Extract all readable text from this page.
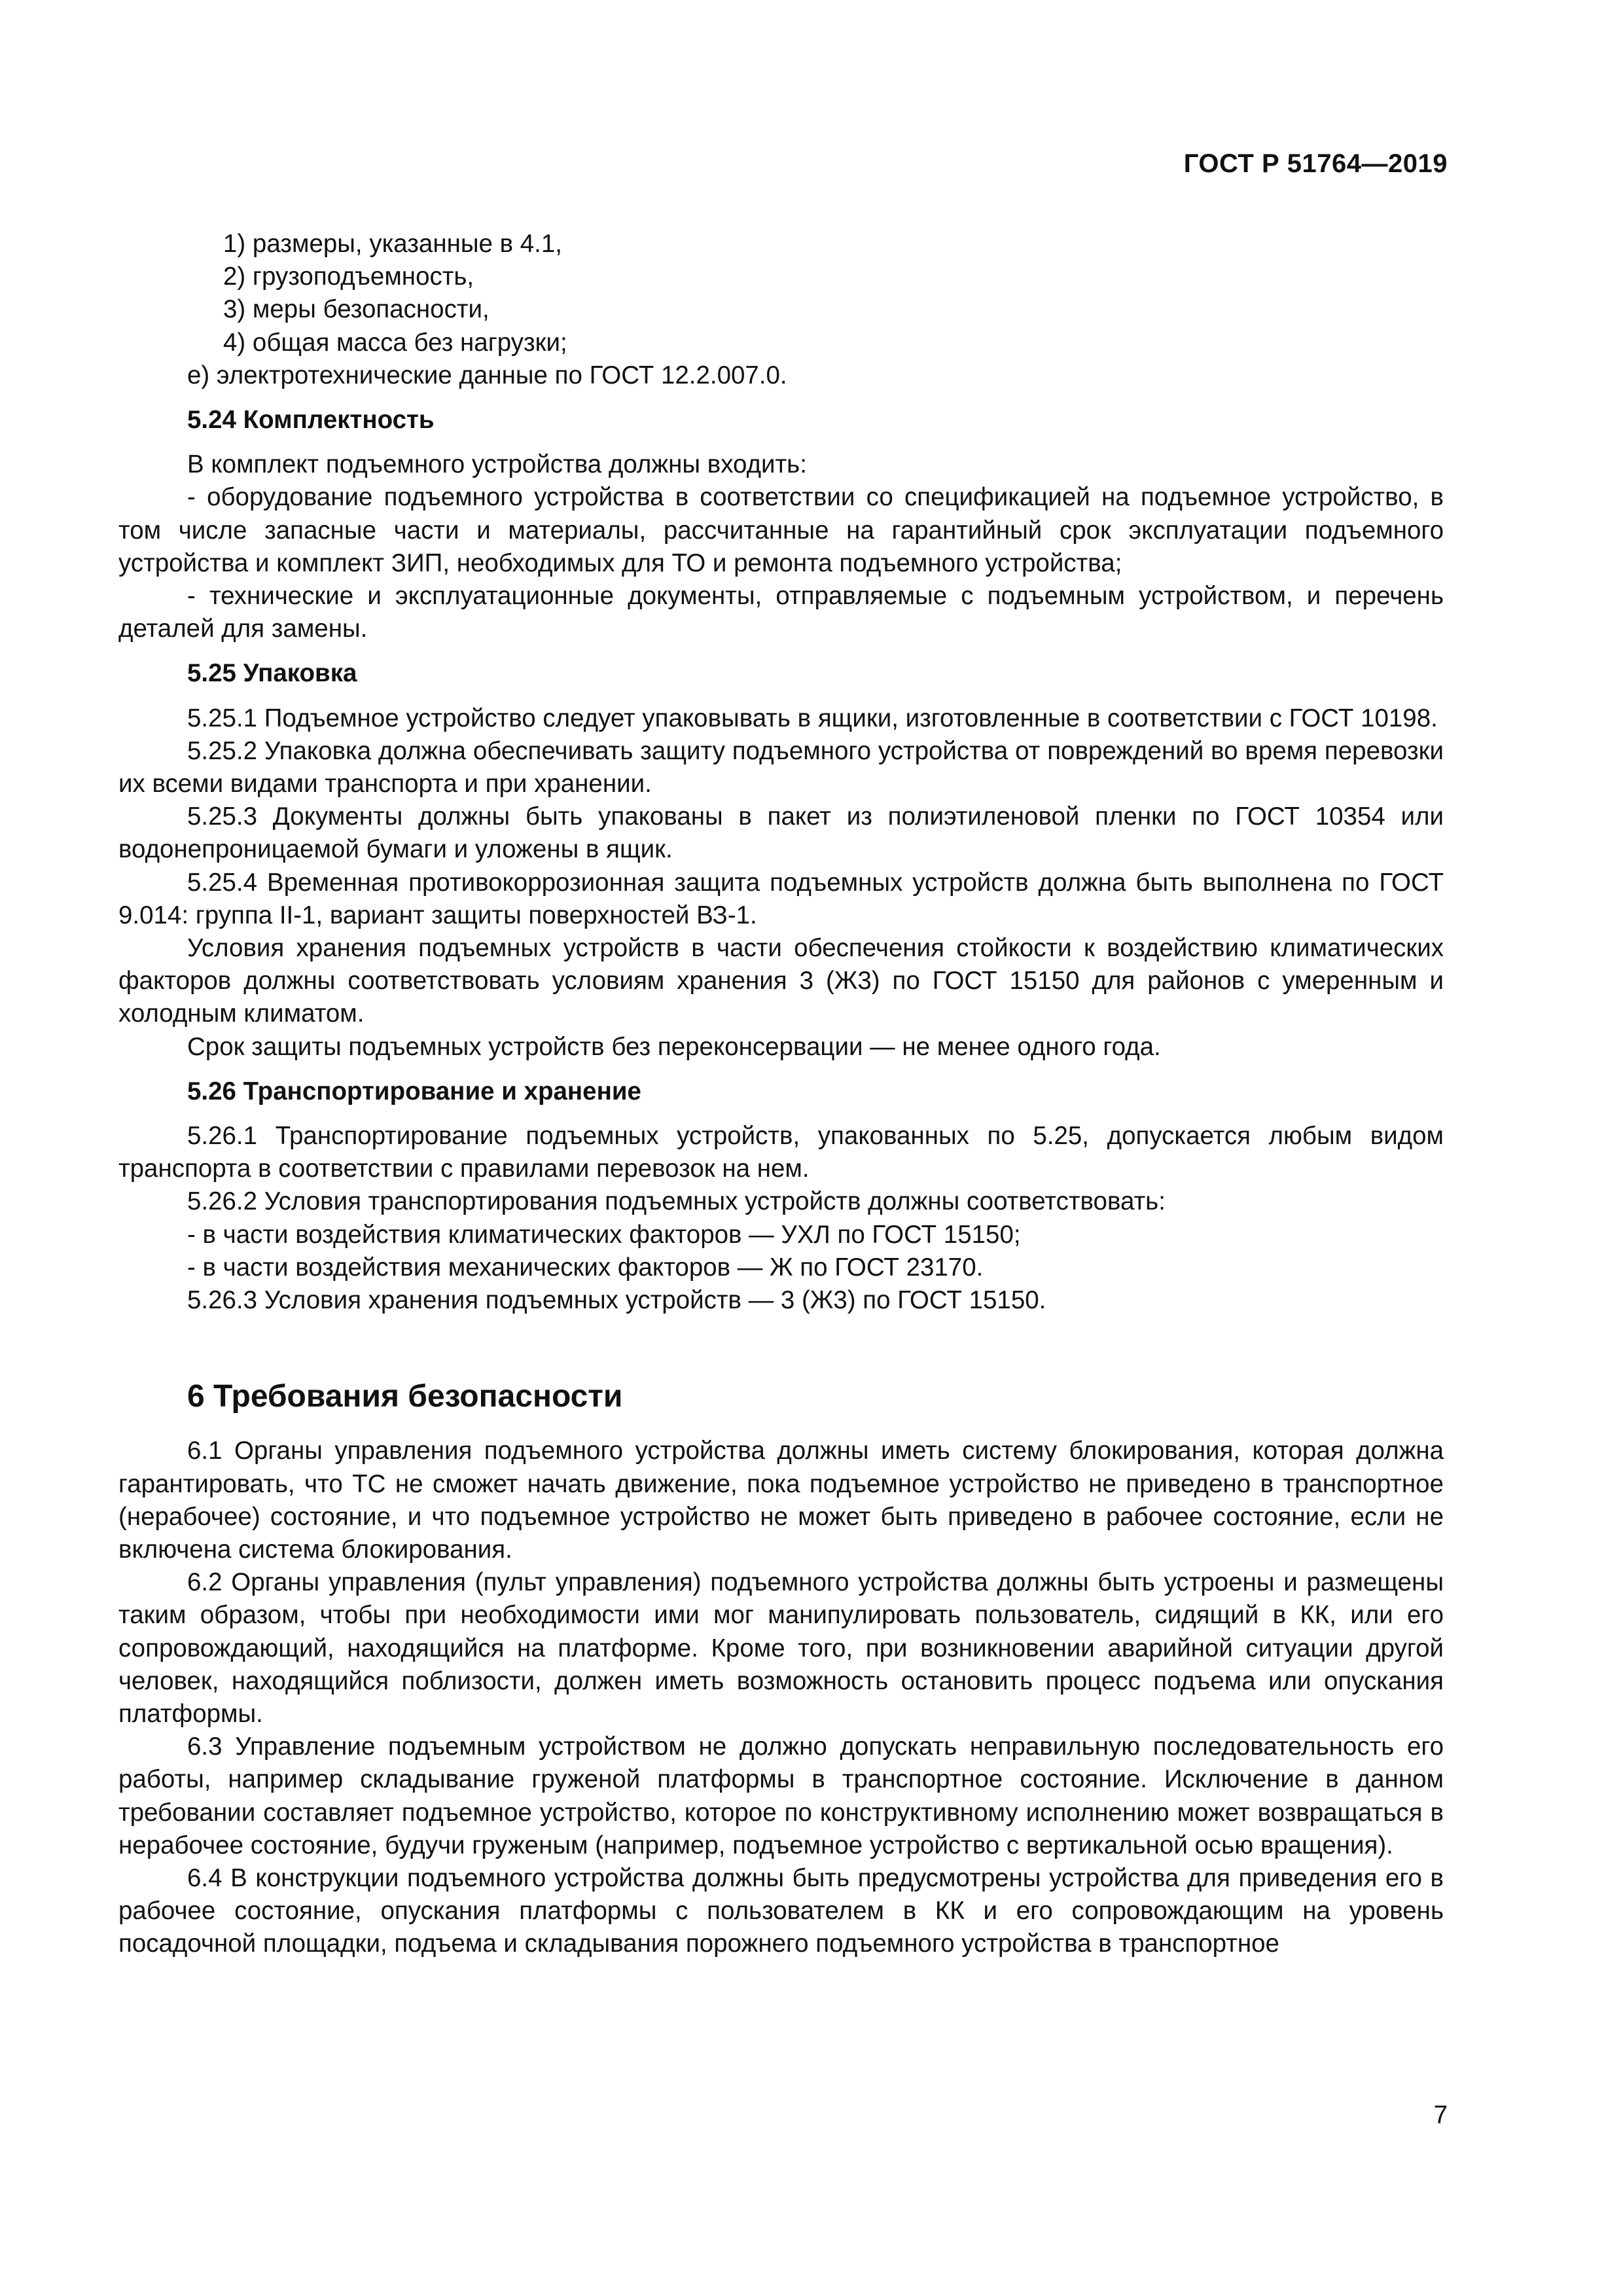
ГОСТ Р 51764—2019

1) размеры, указанные в 4.1,

2) грузоподъемность,

3) меры безопасности,

4) общая масса без нагрузки;

е) электротехнические данные по ГОСТ 12.2.007.0.

5.24 Комплектность

В комплект подъемного устройства должны входить:

- оборудование подъемного устройства в соответствии со спецификацией на подъемное устройство, в том числе запасные части и материалы, рассчитанные на гарантийный срок эксплуатации подъемного устройства и комплект ЗИП, необходимых для ТО и ремонта подъемного устройства;

- технические и эксплуатационные документы, отправляемые с подъемным устройством, и перечень деталей для замены.

5.25 Упаковка

5.25.1 Подъемное устройство следует упаковывать в ящики, изготовленные в соответствии с ГОСТ 10198.

5.25.2 Упаковка должна обеспечивать защиту подъемного устройства от повреждений во время перевозки их всеми видами транспорта и при хранении.

5.25.3 Документы должны быть упакованы в пакет из полиэтиленовой пленки по ГОСТ 10354 или водонепроницаемой бумаги и уложены в ящик.

5.25.4 Временная противокоррозионная защита подъемных устройств должна быть выполнена по ГОСТ 9.014: группа II-1, вариант защиты поверхностей ВЗ-1.

Условия хранения подъемных устройств в части обеспечения стойкости к воздействию климатических факторов должны соответствовать условиям хранения 3 (Ж3) по ГОСТ 15150 для районов с умеренным и холодным климатом.

Срок защиты подъемных устройств без переконсервации — не менее одного года.

5.26 Транспортирование и хранение

5.26.1 Транспортирование подъемных устройств, упакованных по 5.25, допускается любым видом транспорта в соответствии с правилами перевозок на нем.

5.26.2 Условия транспортирования подъемных устройств должны соответствовать:

- в части воздействия климатических факторов — УХЛ по ГОСТ 15150;

- в части воздействия механических факторов — Ж по ГОСТ 23170.

5.26.3 Условия хранения подъемных устройств — 3 (Ж3) по ГОСТ 15150.

6 Требования безопасности

6.1 Органы управления подъемного устройства должны иметь систему блокирования, которая должна гарантировать, что ТС не сможет начать движение, пока подъемное устройство не приведено в транспортное (нерабочее) состояние, и что подъемное устройство не может быть приведено в рабочее состояние, если не включена система блокирования.

6.2 Органы управления (пульт управления) подъемного устройства должны быть устроены и размещены таким образом, чтобы при необходимости ими мог манипулировать пользователь, сидящий в КК, или его сопровождающий, находящийся на платформе. Кроме того, при возникновении аварийной ситуации другой человек, находящийся поблизости, должен иметь возможность остановить процесс подъема или опускания платформы.

6.3 Управление подъемным устройством не должно допускать неправильную последовательность его работы, например складывание груженой платформы в транспортное состояние. Исключение в данном требовании составляет подъемное устройство, которое по конструктивному исполнению может возвращаться в нерабочее состояние, будучи груженым (например, подъемное устройство с вертикальной осью вращения).

6.4 В конструкции подъемного устройства должны быть предусмотрены устройства для приведения его в рабочее состояние, опускания платформы с пользователем в КК и его сопровождающим на уровень посадочной площадки, подъема и складывания порожнего подъемного устройства в транспортное

7
